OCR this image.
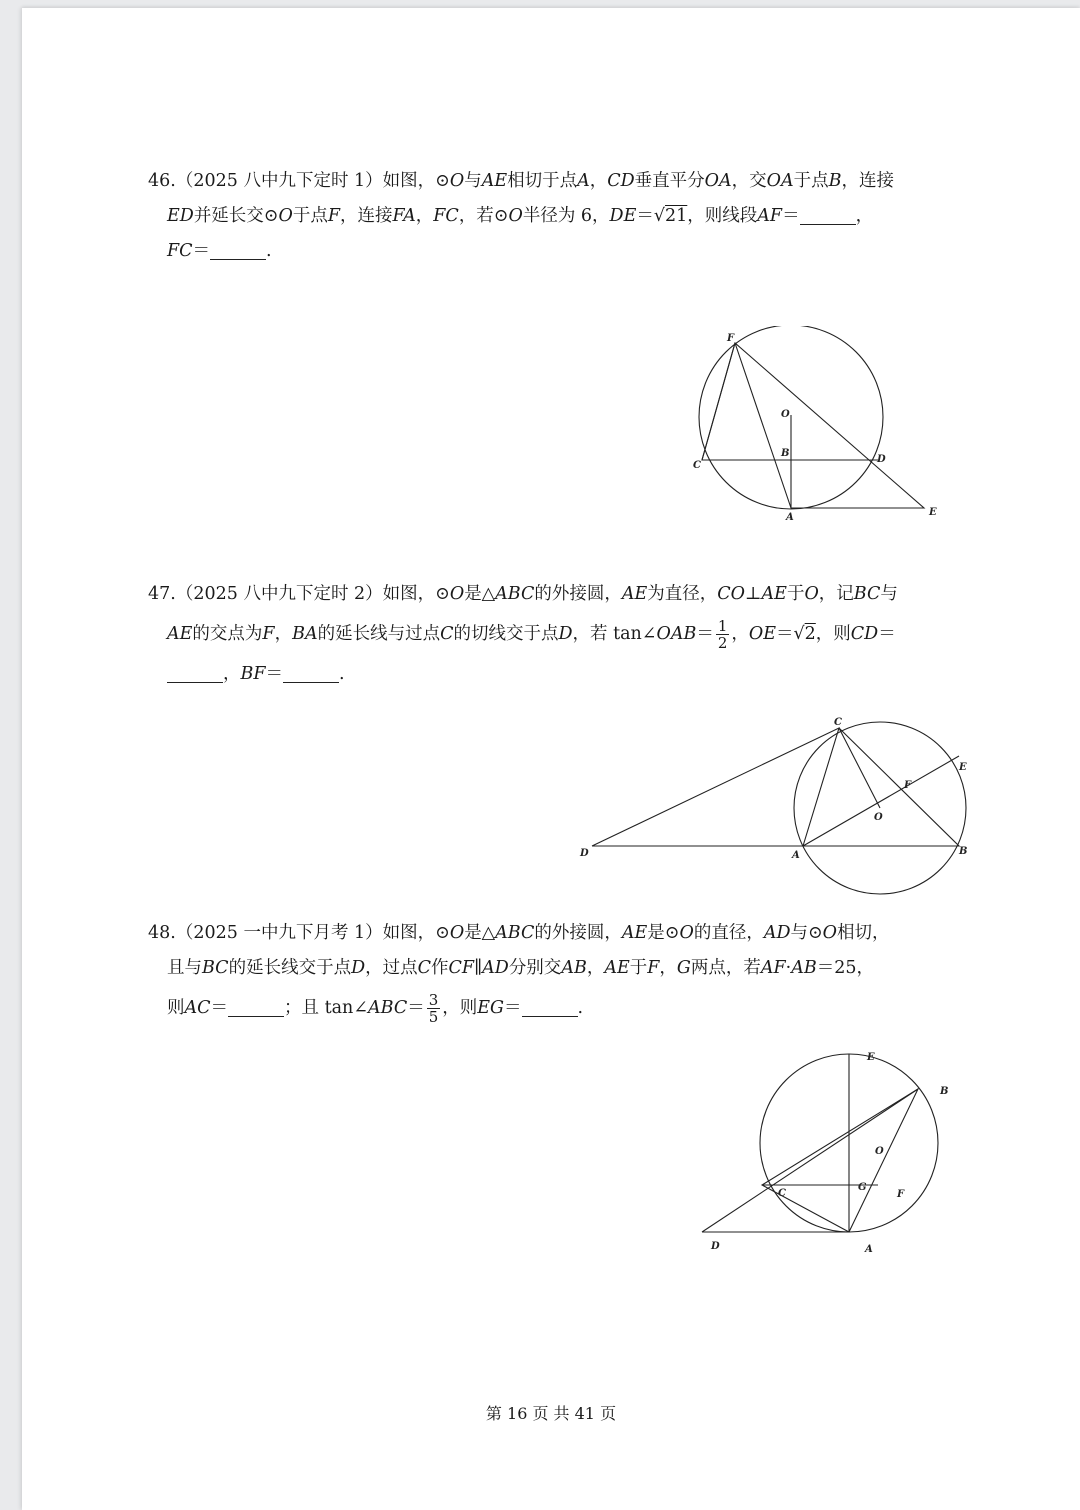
46.（2025 八中九下定时 1）如图，⊙O与AE相切于点A，CD垂直平分OA，交OA于点B，连接
ED并延长交⊙O于点F，连接FA，FC，若⊙O半径为 6，DE＝√21，则线段AF＝	，
FC＝	.
F
O
B
C
D
A	E
47.（2025 八中九下定时 2）如图，⊙O是△ABC的外接圆，AE为直径，CO⊥AE于O，记BC与
AE的交点为F，BA的延长线与过点C的切线交于点D，若 tan∠OAB＝ $\frac{1}{2}$ ，OE＝√2，则CD＝
，BF＝	.
C
E
F
O
D	A	B
48.（2025 一中九下月考 1）如图，⊙O是△ABC的外接圆，AE是⊙O的直径，AD与⊙O相切，
且与BC的延长线交于点D，过点C作CF∥AD分别交AB，AE于F，G两点，若AF·AB＝25，
则AC＝	；且 tan∠ABC＝ $\frac{3}{5}$ ，则EG＝	.
E
B
O
G
C	F
D	A
第 16 页 共 41 页
